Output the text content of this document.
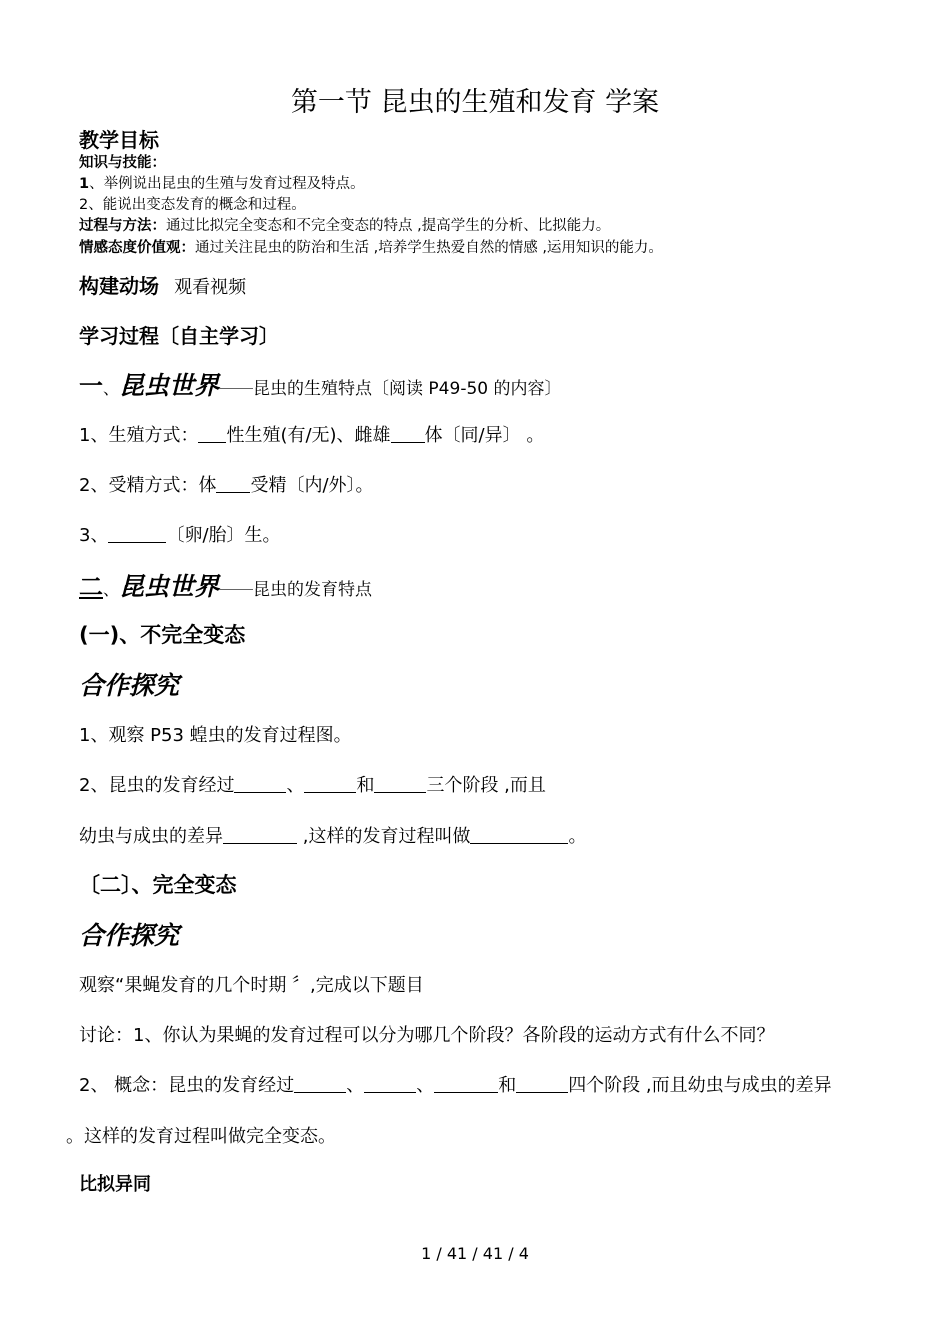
第一节 昆虫的生殖和发育 学案
教学目标
知识与技能：
1、举例说出昆虫的生殖与发育过程及特点。
2、能说出变态发育的概念和过程。
过程与方法：通过比拟完全变态和不完全变态的特点 ,提高学生的分析、比拟能力。
情感态度价值观：通过关注昆虫的防治和生活 ,培养学生热爱自然的情感 ,运用知识的能力。
构建动场 观看视频
学习过程〔自主学习〕
一、昆虫世界 昆虫的生殖特点〔阅读 P49-50 的内容〕
1、生殖方式： 性生殖(有/无)、雌雄 体〔同/异〕 。
2、受精方式：体 受精〔内/外〕。
3、	〔卵/胎〕生。
二、昆虫世界 昆虫的发育特点
(一)、不完全变态
合作探究
1、观察 P53 蝗虫的发育过程图。
2、昆虫的发育经过	、	和	三个阶段 ,而且
幼虫与成虫的差异	,这样的发育过程叫做	。
〔二〕、完全变态
合作探究
观察“果蝇发育的几个时期 〞,完成以下题目
讨论：1、你认为果蝇的发育过程可以分为哪几个阶段？各阶段的运动方式有什么不同？
2、 概念：昆虫的发育经过	、	、	和	四个阶段 ,而且幼虫与成虫的差异
。这样的发育过程叫做完全变态。
比拟异同
1 / 41 / 41 / 4
